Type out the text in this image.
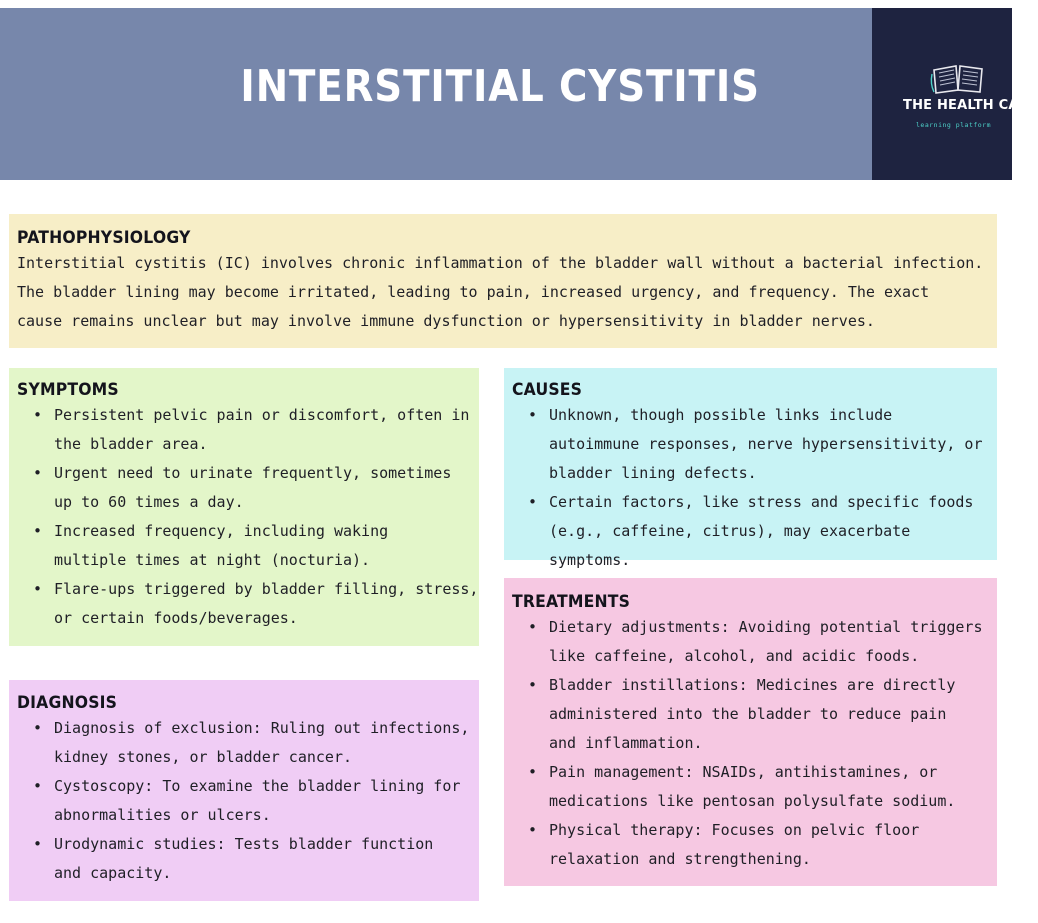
INTERSTITIAL CYSTITIS	THE HEALTH CARE
learning platform
PATHOPHYSIOLOGY

Interstitial cystitis (IC) involves chronic inflammation of the bladder wall without a bacterial infection.
The bladder lining may become irritated, leading to pain, increased urgency, and frequency. The exact
cause remains unclear but may involve immune dysfunction or hypersensitivity in bladder nerves.

SYMPTOMS
• Persistent pelvic pain or discomfort, often in
the bladder area.
• Urgent need to urinate frequently, sometimes
up to 60 times a day.
• Increased frequency, including waking
multiple times at night (nocturia).
• Flare-ups triggered by bladder filling, stress,
or certain foods/beverages.
CAUSES
• Unknown, though possible links include
autoimmune responses, nerve hypersensitivity, or
bladder lining defects.
• Certain factors, like stress and specific foods
(e.g., caffeine, citrus), may exacerbate symptoms.
DIAGNOSIS
• Diagnosis of exclusion: Ruling out infections,
kidney stones, or bladder cancer.
• Cystoscopy: To examine the bladder lining for
abnormalities or ulcers.
• Urodynamic studies: Tests bladder function
and capacity.
TREATMENTS
• Dietary adjustments: Avoiding potential triggers
like caffeine, alcohol, and acidic foods.
• Bladder instillations: Medicines are directly
administered into the bladder to reduce pain
and inflammation.
• Pain management: NSAIDs, antihistamines, or
medications like pentosan polysulfate sodium.
• Physical therapy: Focuses on pelvic floor
relaxation and strengthening.
